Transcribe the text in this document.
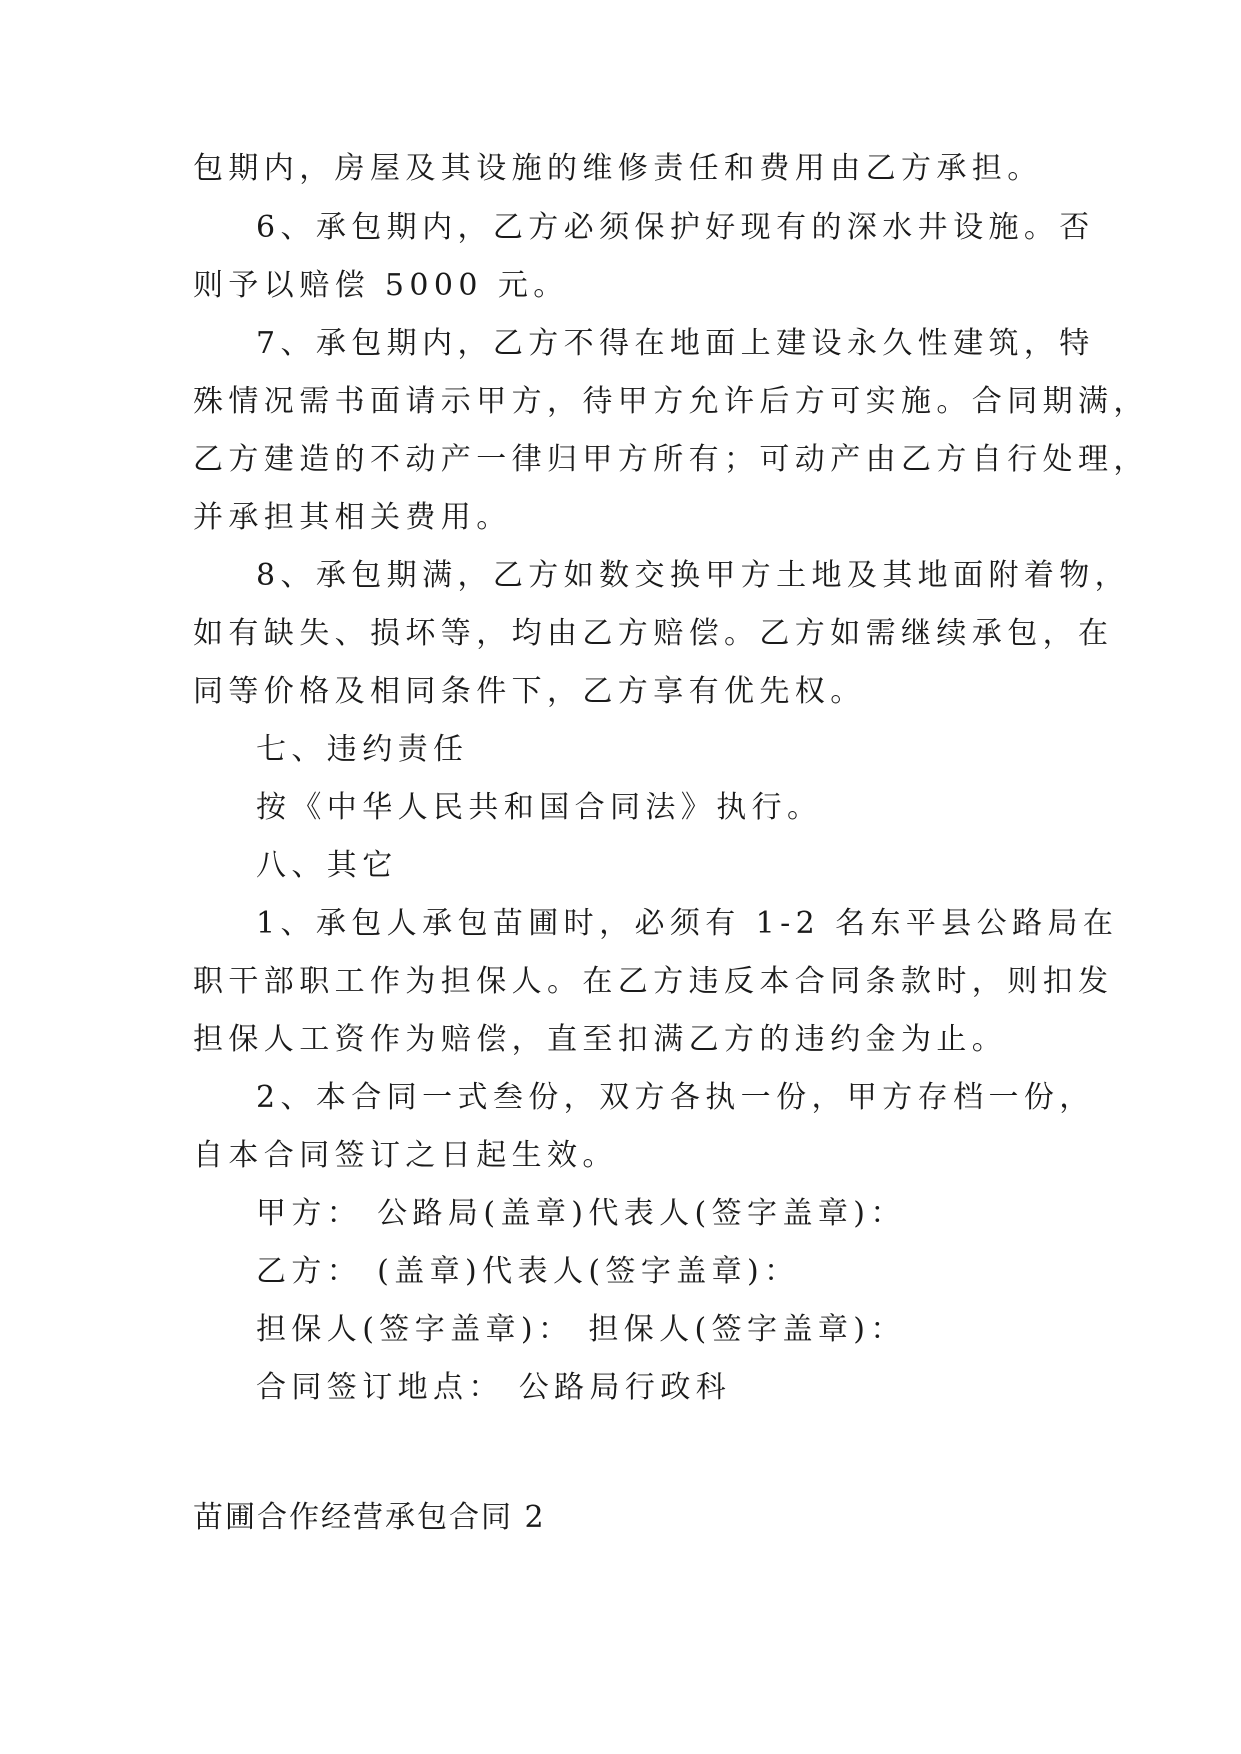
包期内，房屋及其设施的维修责任和费用由乙方承担。
6、承包期内，乙方必须保护好现有的深水井设施。否
则予以赔偿 5000 元。
7、承包期内，乙方不得在地面上建设永久性建筑，特
殊情况需书面请示甲方，待甲方允许后方可实施。合同期满，
乙方建造的不动产一律归甲方所有；可动产由乙方自行处理，
并承担其相关费用。
8、承包期满，乙方如数交换甲方土地及其地面附着物，
如有缺失、损坏等，均由乙方赔偿。乙方如需继续承包，在
同等价格及相同条件下，乙方享有优先权。
七、违约责任
按《中华人民共和国合同法》执行。
八、其它
1、承包人承包苗圃时，必须有 1-2 名东平县公路局在
职干部职工作为担保人。在乙方违反本合同条款时，则扣发
担保人工资作为赔偿，直至扣满乙方的违约金为止。
2、本合同一式叁份，双方各执一份，甲方存档一份，
自本合同签订之日起生效。
甲方： 公路局(盖章)代表人(签字盖章)：
乙方： (盖章)代表人(签字盖章)：
担保人(签字盖章)： 担保人(签字盖章)：
合同签订地点： 公路局行政科
苗圃合作经营承包合同 2
